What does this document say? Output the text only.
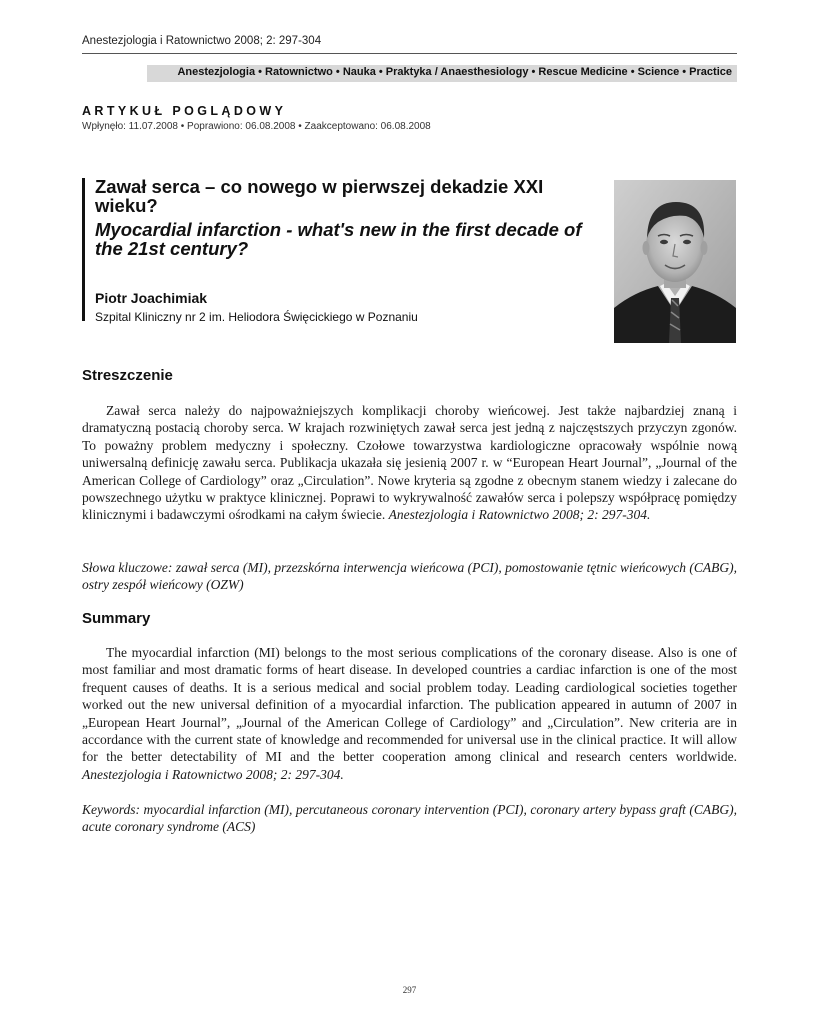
Anestezjologia i Ratownictwo 2008; 2: 297-304
Anestezjologia • Ratownictwo • Nauka • Praktyka / Anaesthesiology • Rescue Medicine • Science • Practice
ARTYKUŁ POGLĄDOWY
Wpłynęło: 11.07.2008 • Poprawiono: 06.08.2008 • Zaakceptowano: 06.08.2008
Zawał serca – co nowego w pierwszej dekadzie XXI wieku?
Myocardial infarction - what's new in the first decade of the 21st century?
Piotr Joachimiak
Szpital Kliniczny nr 2 im. Heliodora Święcickiego w Poznaniu
Streszczenie
Zawał serca należy do najpoważniejszych komplikacji choroby wieńcowej. Jest także najbardziej znaną i dramatyczną postacią choroby serca. W krajach rozwiniętych zawał serca jest jedną z najczęstszych przyczyn zgonów. To poważny problem medyczny i społeczny. Czołowe towarzystwa kardiologiczne opracowały wspólnie nową uniwersalną definicję zawału serca. Publikacja ukazała się jesienią 2007 r. w “European Heart Journal”, „Journal of the American College of Cardiology” oraz „Circulation”. Nowe kryteria są zgodne z obecnym stanem wiedzy i zalecane do powszechnego użytku w praktyce klinicznej. Poprawi to wykrywalność zawałów serca i polepszy współpracę pomiędzy klinicznymi i badawczymi ośrodkami na całym świecie. Anestezjologia i Ratownictwo 2008; 2: 297-304.
Słowa kluczowe: zawał serca (MI), przezskórna interwencja wieńcowa (PCI), pomostowanie tętnic wieńcowych (CABG), ostry zespół wieńcowy (OZW)
Summary
The myocardial infarction (MI) belongs to the most serious complications of the coronary disease. Also is one of most familiar and most dramatic forms of heart disease. In developed countries a cardiac infarction is one of the most frequent causes of deaths. It is a serious medical and social problem today. Leading cardiological societies together worked out the new universal definition of a myocardial infarction. The publication appeared in autumn of 2007 in „European Heart Journal”, „Journal of the American College of Cardiology” and „Circulation”. New criteria are in accordance with the current state of knowledge and recommended for universal use in the clinical practice. It will allow for the better detectability of MI and the better cooperation among clinical and research centers worldwide. Anestezjologia i Ratownictwo 2008; 2: 297-304.
Keywords: myocardial infarction (MI), percutaneous coronary intervention (PCI), coronary artery bypass graft (CABG), acute coronary syndrome (ACS)
297
